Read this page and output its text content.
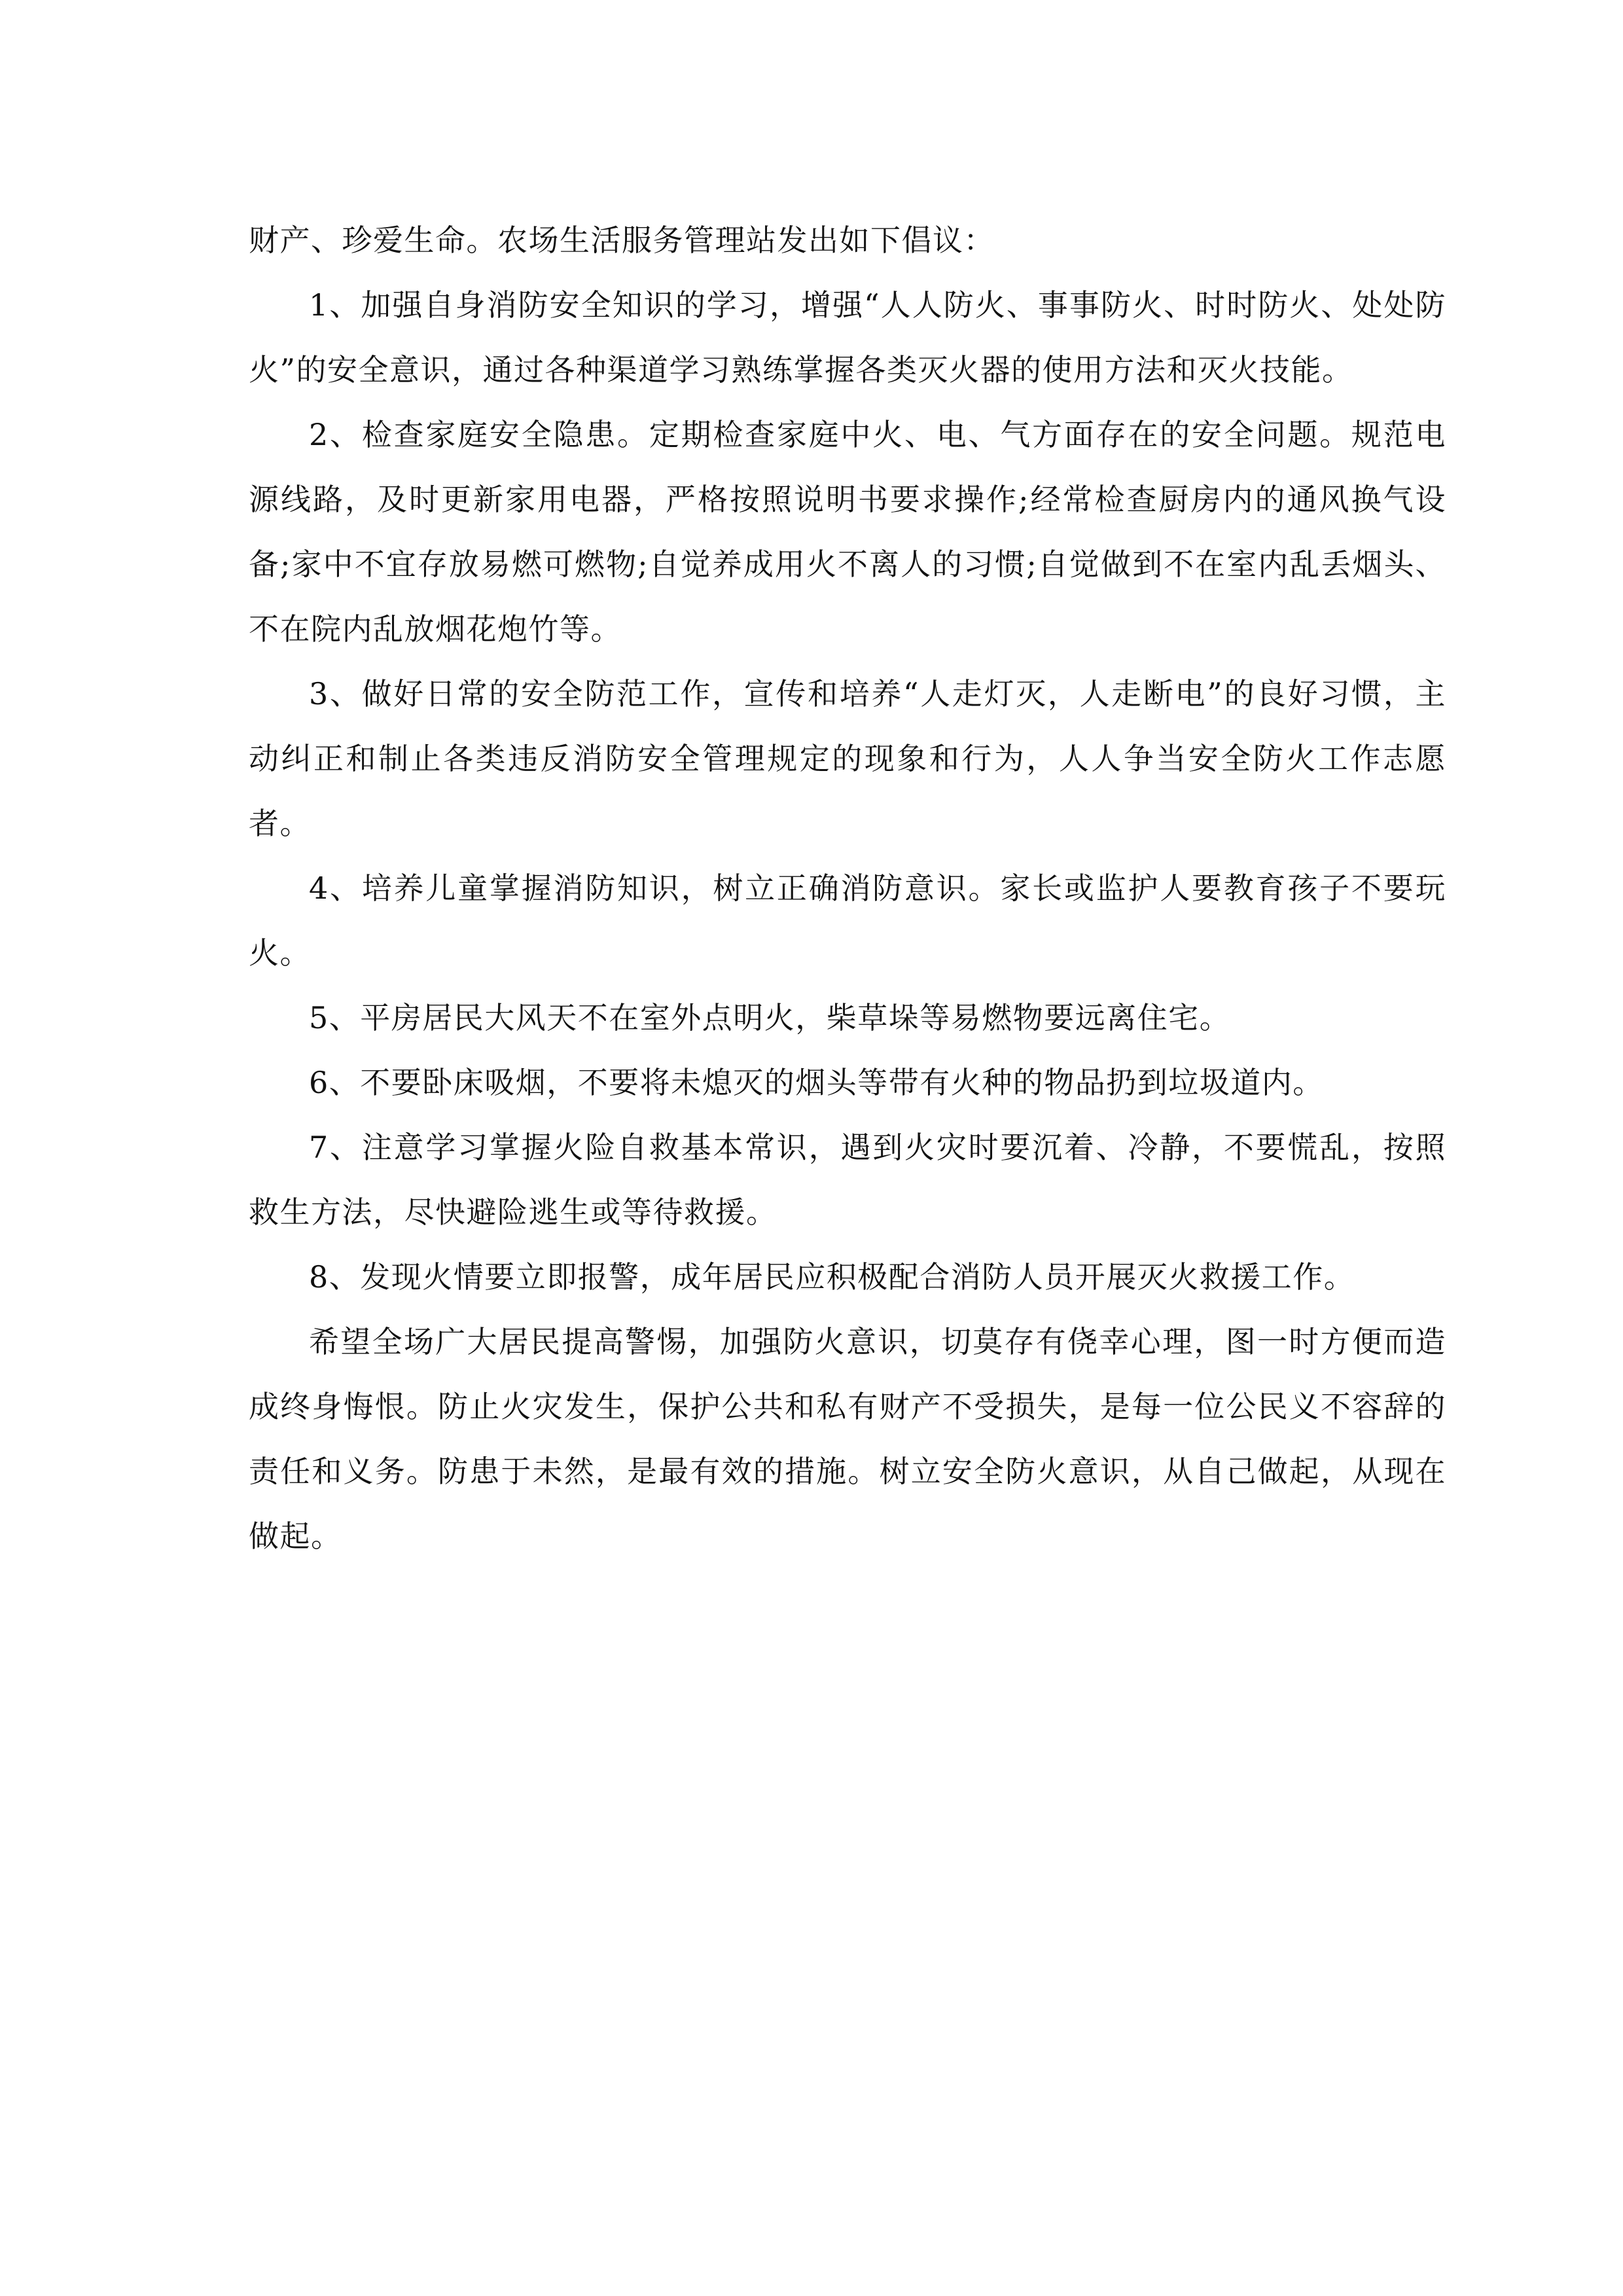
财产、珍爱生命。农场生活服务管理站发出如下倡议：

1、加强自身消防安全知识的学习，增强“人人防火、事事防火、时时防火、处处防火”的安全意识，通过各种渠道学习熟练掌握各类灭火器的使用方法和灭火技能。

2、检查家庭安全隐患。定期检查家庭中火、电、气方面存在的安全问题。规范电源线路，及时更新家用电器，严格按照说明书要求操作;经常检查厨房内的通风换气设备;家中不宜存放易燃可燃物;自觉养成用火不离人的习惯;自觉做到不在室内乱丢烟头、不在院内乱放烟花炮竹等。

3、做好日常的安全防范工作，宣传和培养“人走灯灭，人走断电”的良好习惯，主动纠正和制止各类违反消防安全管理规定的现象和行为，人人争当安全防火工作志愿者。

4、培养儿童掌握消防知识，树立正确消防意识。家长或监护人要教育孩子不要玩火。

5、平房居民大风天不在室外点明火，柴草垛等易燃物要远离住宅。

6、不要卧床吸烟，不要将未熄灭的烟头等带有火种的物品扔到垃圾道内。

7、注意学习掌握火险自救基本常识，遇到火灾时要沉着、冷静，不要慌乱，按照救生方法，尽快避险逃生或等待救援。

8、发现火情要立即报警，成年居民应积极配合消防人员开展灭火救援工作。

希望全场广大居民提高警惕，加强防火意识，切莫存有侥幸心理，图一时方便而造成终身悔恨。防止火灾发生，保护公共和私有财产不受损失，是每一位公民义不容辞的责任和义务。防患于未然，是最有效的措施。树立安全防火意识，从自己做起，从现在做起。
